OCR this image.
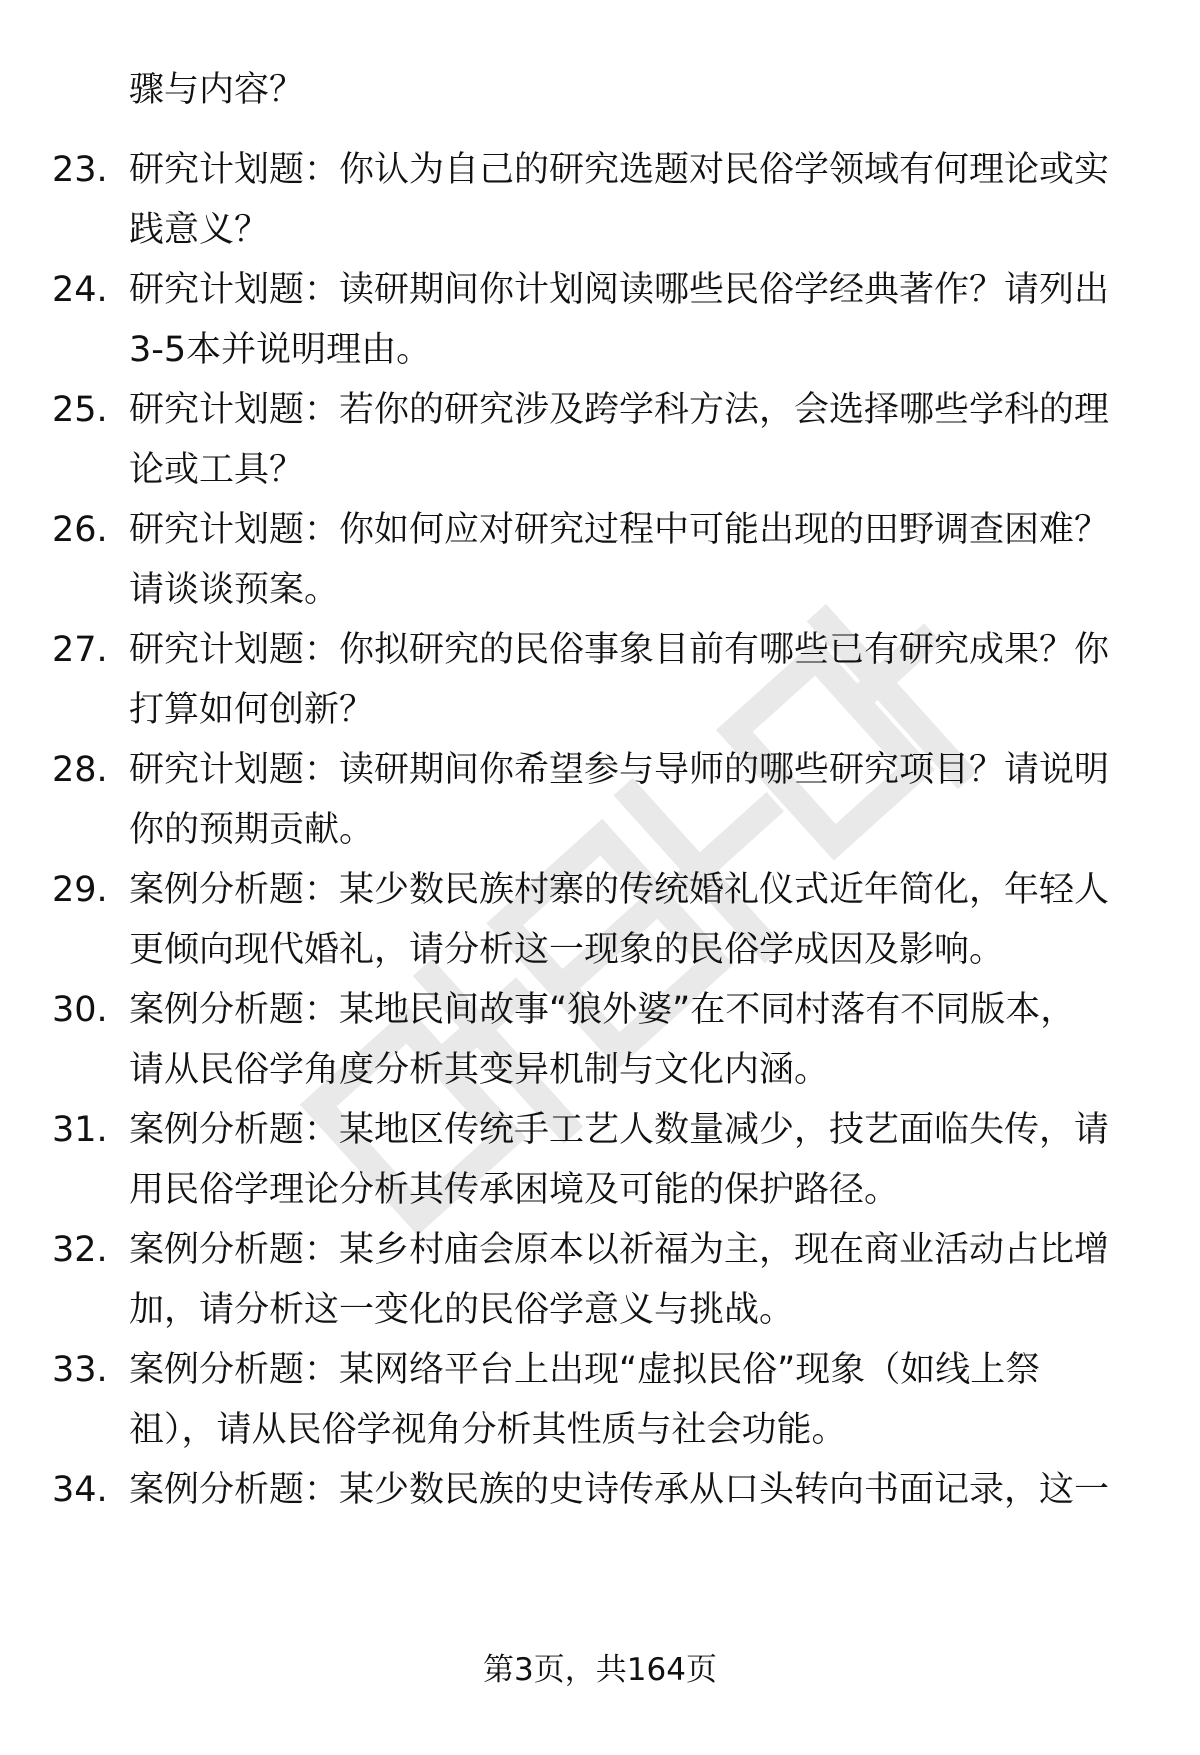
骤与内容？
23. 研究计划题：你认为自己的研究选题对民俗学领域有何理论或实
践意义？
24. 研究计划题：读研期间你计划阅读哪些民俗学经典著作？请列出
3-5本并说明理由。
25. 研究计划题：若你的研究涉及跨学科方法，会选择哪些学科的理
论或工具？
26. 研究计划题：你如何应对研究过程中可能出现的田野调查困难？
请谈谈预案。
27. 研究计划题：你拟研究的民俗事象目前有哪些已有研究成果？你
打算如何创新？
28. 研究计划题：读研期间你希望参与导师的哪些研究项目？请说明
你的预期贡献。
29. 案例分析题：某少数民族村寨的传统婚礼仪式近年简化，年轻人
更倾向现代婚礼，请分析这一现象的民俗学成因及影响。
30. 案例分析题：某地民间故事“狼外婆”在不同村落有不同版本，
请从民俗学角度分析其变异机制与文化内涵。
31. 案例分析题：某地区传统手工艺人数量减少，技艺面临失传，请
用民俗学理论分析其传承困境及可能的保护路径。
32. 案例分析题：某乡村庙会原本以祈福为主，现在商业活动占比增
加，请分析这一变化的民俗学意义与挑战。
33. 案例分析题：某网络平台上出现“虚拟民俗”现象（如线上祭
祖），请从民俗学视角分析其性质与社会功能。
34. 案例分析题：某少数民族的史诗传承从口头转向书面记录，这一
第3页，共164页
